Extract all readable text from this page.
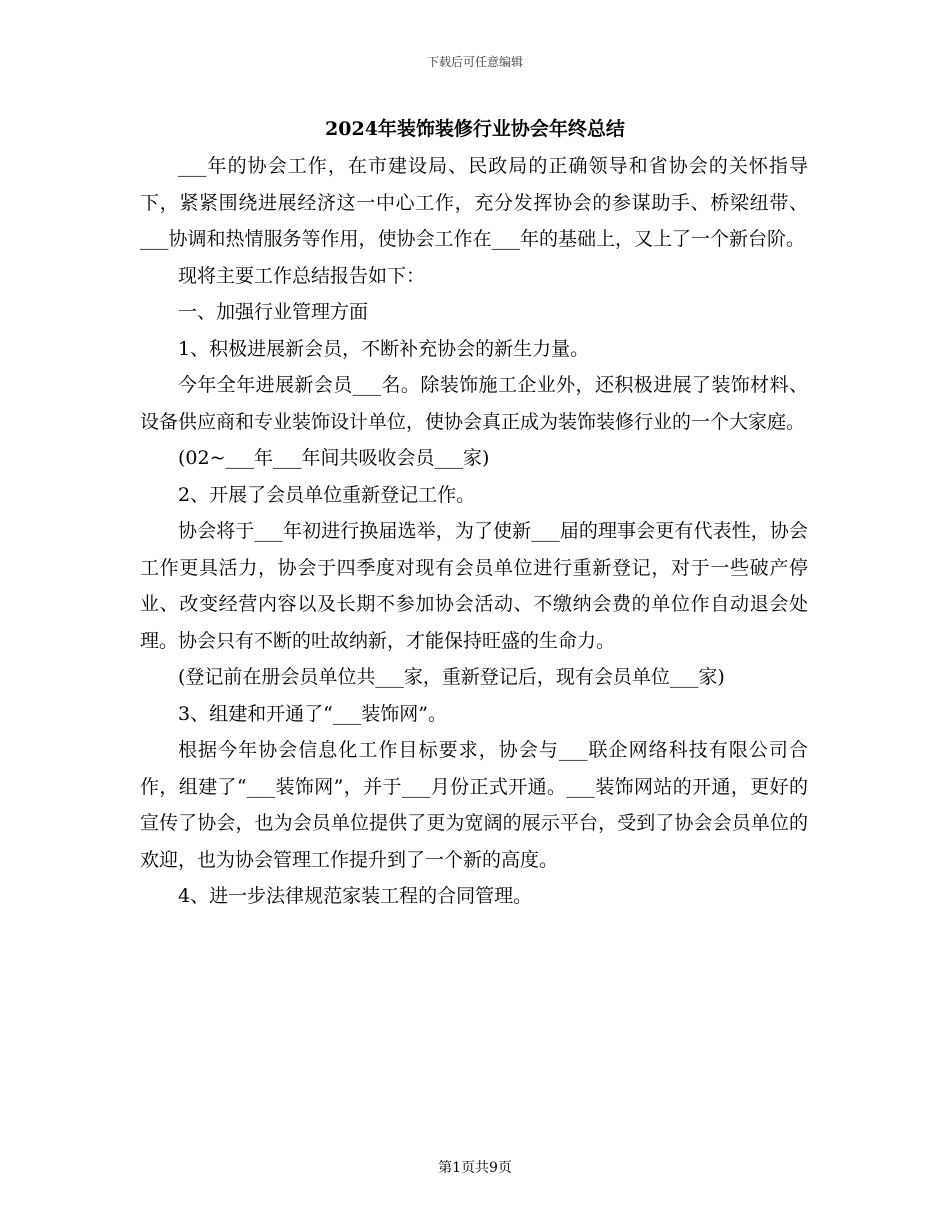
下载后可任意编辑
2024年装饰装修行业协会年终总结

___年的协会工作，在市建设局、民政局的正确领导和省协会的关怀指导下，紧紧围绕进展经济这一中心工作，充分发挥协会的参谋助手、桥梁纽带、___协调和热情服务等作用，使协会工作在___年的基础上，又上了一个新台阶。

现将主要工作总结报告如下：

一、加强行业管理方面

1、积极进展新会员，不断补充协会的新生力量。

今年全年进展新会员___名。除装饰施工企业外，还积极进展了装饰材料、设备供应商和专业装饰设计单位，使协会真正成为装饰装修行业的一个大家庭。

(02~___年___年间共吸收会员___家)

2、开展了会员单位重新登记工作。

协会将于___年初进行换届选举，为了使新___届的理事会更有代表性，协会工作更具活力，协会于四季度对现有会员单位进行重新登记，对于一些破产停业、改变经营内容以及长期不参加协会活动、不缴纳会费的单位作自动退会处理。协会只有不断的吐故纳新，才能保持旺盛的生命力。

(登记前在册会员单位共___家，重新登记后，现有会员单位___家)

3、组建和开通了“___装饰网”。

根据今年协会信息化工作目标要求，协会与___联企网络科技有限公司合作，组建了“___装饰网”，并于___月份正式开通。___装饰网站的开通，更好的宣传了协会，也为会员单位提供了更为宽阔的展示平台，受到了协会会员单位的欢迎，也为协会管理工作提升到了一个新的高度。

4、进一步法律规范家装工程的合同管理。

第1页共9页
